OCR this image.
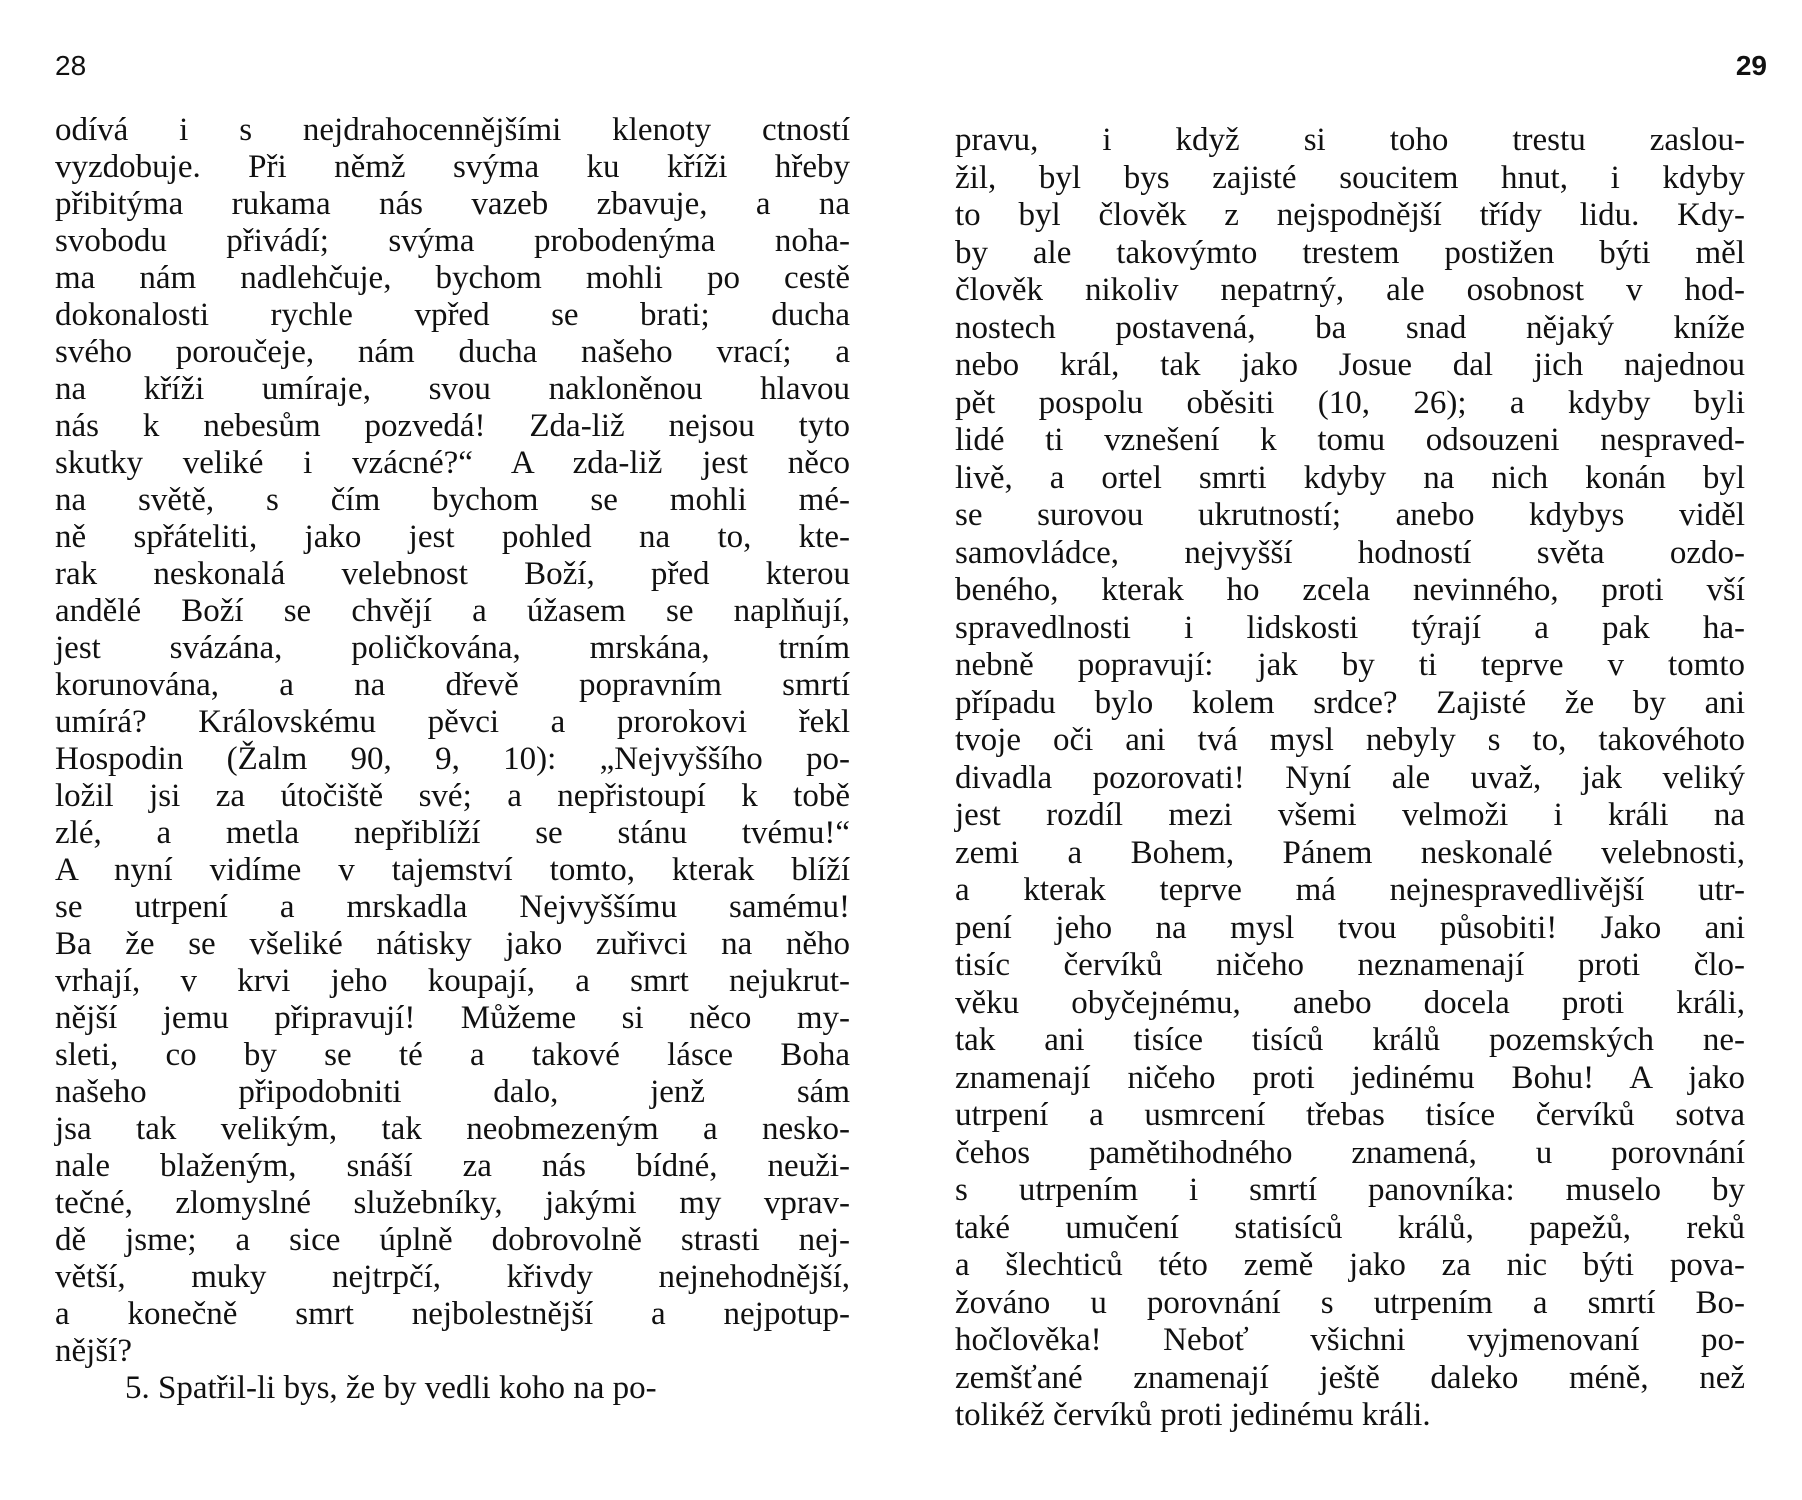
28
odívá i s nejdrahocennějšími klenoty ctností
vyzdobuje. Při němž svýma ku kříži hřeby
přibitýma rukama nás vazeb zbavuje, a na
svobodu přivádí; svýma probodenýma noha-
ma nám nadlehčuje, bychom mohli po cestě
dokonalosti rychle vpřed se brati; ducha
svého poroučeje, nám ducha našeho vrací; a
na kříži umíraje, svou nakloněnou hlavou
nás k nebesům pozvedá! Zda-liž nejsou tyto
skutky veliké i vzácné?“ A zda-liž jest něco
na světě, s čím bychom se mohli mé-
ně spřáteliti, jako jest pohled na to, kte-
rak neskonalá velebnost Boží, před kterou
andělé Boží se chvějí a úžasem se naplňují,
jest svázána, poličkována, mrskána, trním
korunována, a na dřevě popravním smrtí
umírá? Královskému pěvci a prorokovi řekl
Hospodin (Žalm 90, 9, 10): „Nejvyššího po-
ložil jsi za útočiště své; a nepřistoupí k tobě
zlé, a metla nepřiblíží se stánu tvému!“
A nyní vidíme v tajemství tomto, kterak blíží
se utrpení a mrskadla Nejvyššímu samému!
Ba že se všeliké nátisky jako zuřivci na něho
vrhají, v krvi jeho koupají, a smrt nejukrut-
nější jemu připravují! Můžeme si něco my-
sleti, co by se té a takové lásce Boha
našeho připodobniti dalo, jenž sám
jsa tak velikým, tak neobmezeným a nesko-
nale blaženým, snáší za nás bídné, neuži-
tečné, zlomyslné služebníky, jakými my vprav-
dě jsme; a sice úplně dobrovolně strasti nej-
větší, muky nejtrpčí, křivdy nejnehodnější,
a konečně smrt nejbolestnější a nejpotup-
nější?
5. Spatřil-li bys, že by vedli koho na po-
29
pravu, i když si toho trestu zaslou-
žil, byl bys zajisté soucitem hnut, i kdyby
to byl člověk z nejspodnější třídy lidu. Kdy-
by ale takovýmto trestem postižen býti měl
člověk nikoliv nepatrný, ale osobnost v hod-
nostech postavená, ba snad nějaký kníže
nebo král, tak jako Josue dal jich najednou
pět pospolu oběsiti (10, 26); a kdyby byli
lidé ti vznešení k tomu odsouzeni nespraved-
livě, a ortel smrti kdyby na nich konán byl
se surovou ukrutností; anebo kdybys viděl
samovládce, nejvyšší hodností světa ozdo-
beného, kterak ho zcela nevinného, proti vší
spravedlnosti i lidskosti týrají a pak ha-
nebně popravují: jak by ti teprve v tomto
případu bylo kolem srdce? Zajisté že by ani
tvoje oči ani tvá mysl nebyly s to, takovéhoto
divadla pozorovati! Nyní ale uvaž, jak veliký
jest rozdíl mezi všemi velmoži i králi na
zemi a Bohem, Pánem neskonalé velebnosti,
a kterak teprve má nejnespravedlivější utr-
pení jeho na mysl tvou působiti! Jako ani
tisíc červíků ničeho neznamenají proti člo-
věku obyčejnému, anebo docela proti králi,
tak ani tisíce tisíců králů pozemských ne-
znamenají ničeho proti jedinému Bohu! A jako
utrpení a usmrcení třebas tisíce červíků sotva
čehos pamětihodného znamená, u porovnání
s utrpením i smrtí panovníka: muselo by
také umučení statisíců králů, papežů, reků
a šlechticů této země jako za nic býti pova-
žováno u porovnání s utrpením a smrtí Bo-
hočlověka! Neboť všichni vyjmenovaní po-
zemšťané znamenají ještě daleko méně, než
tolikéž červíků proti jedinému králi.
